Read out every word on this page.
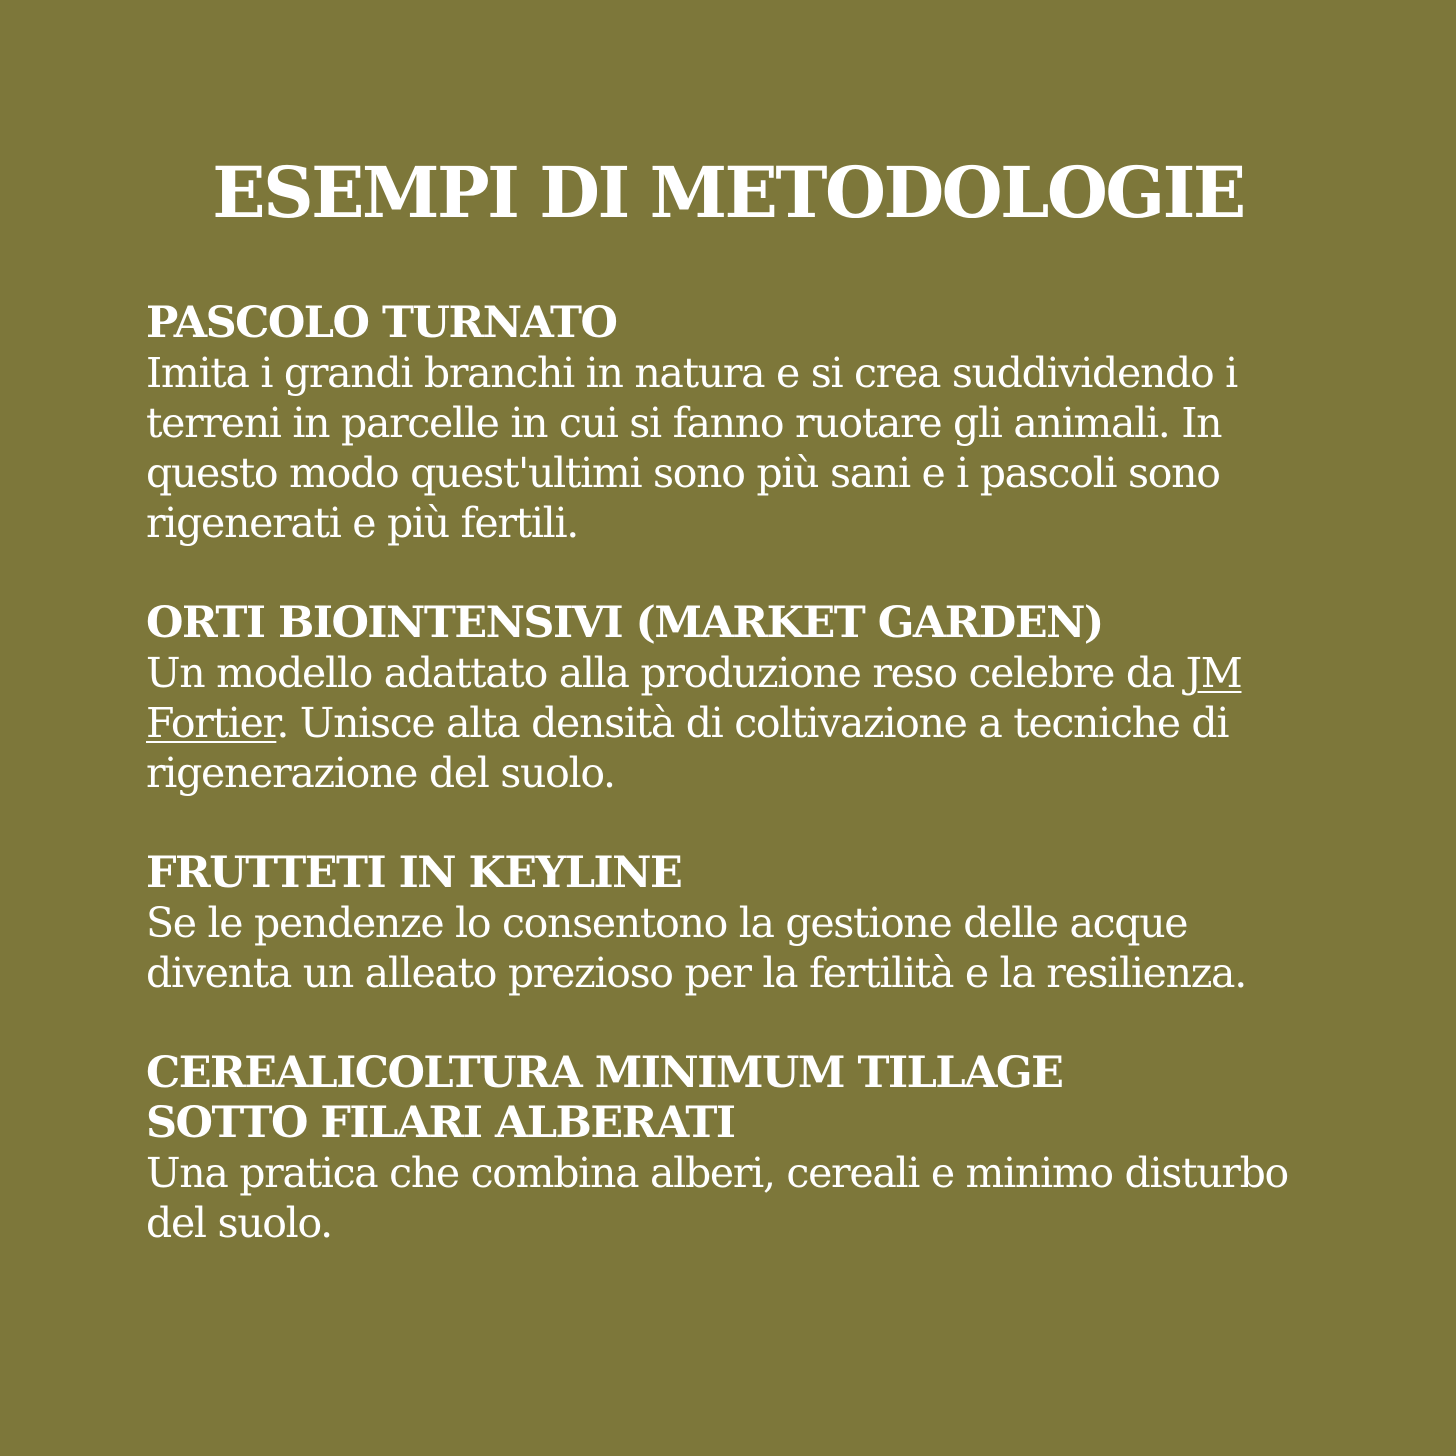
ESEMPI DI METODOLOGIE

PASCOLO TURNATO

Imita i grandi branchi in natura e si crea suddividendo i terreni in parcelle in cui si fanno ruotare gli animali. In questo modo quest'ultimi sono più sani e i pascoli sono rigenerati e più fertili.

ORTI BIOINTENSIVI (MARKET GARDEN)

Un modello adattato alla produzione reso celebre da JM Fortier. Unisce alta densità di coltivazione a tecniche di rigenerazione del suolo.

FRUTTETI IN KEYLINE

Se le pendenze lo consentono la gestione delle acque diventa un alleato prezioso per la fertilità e la resilienza.

CEREALICOLTURA MINIMUM TILLAGE
SOTTO FILARI ALBERATI

Una pratica che combina alberi, cereali e minimo disturbo del suolo.
